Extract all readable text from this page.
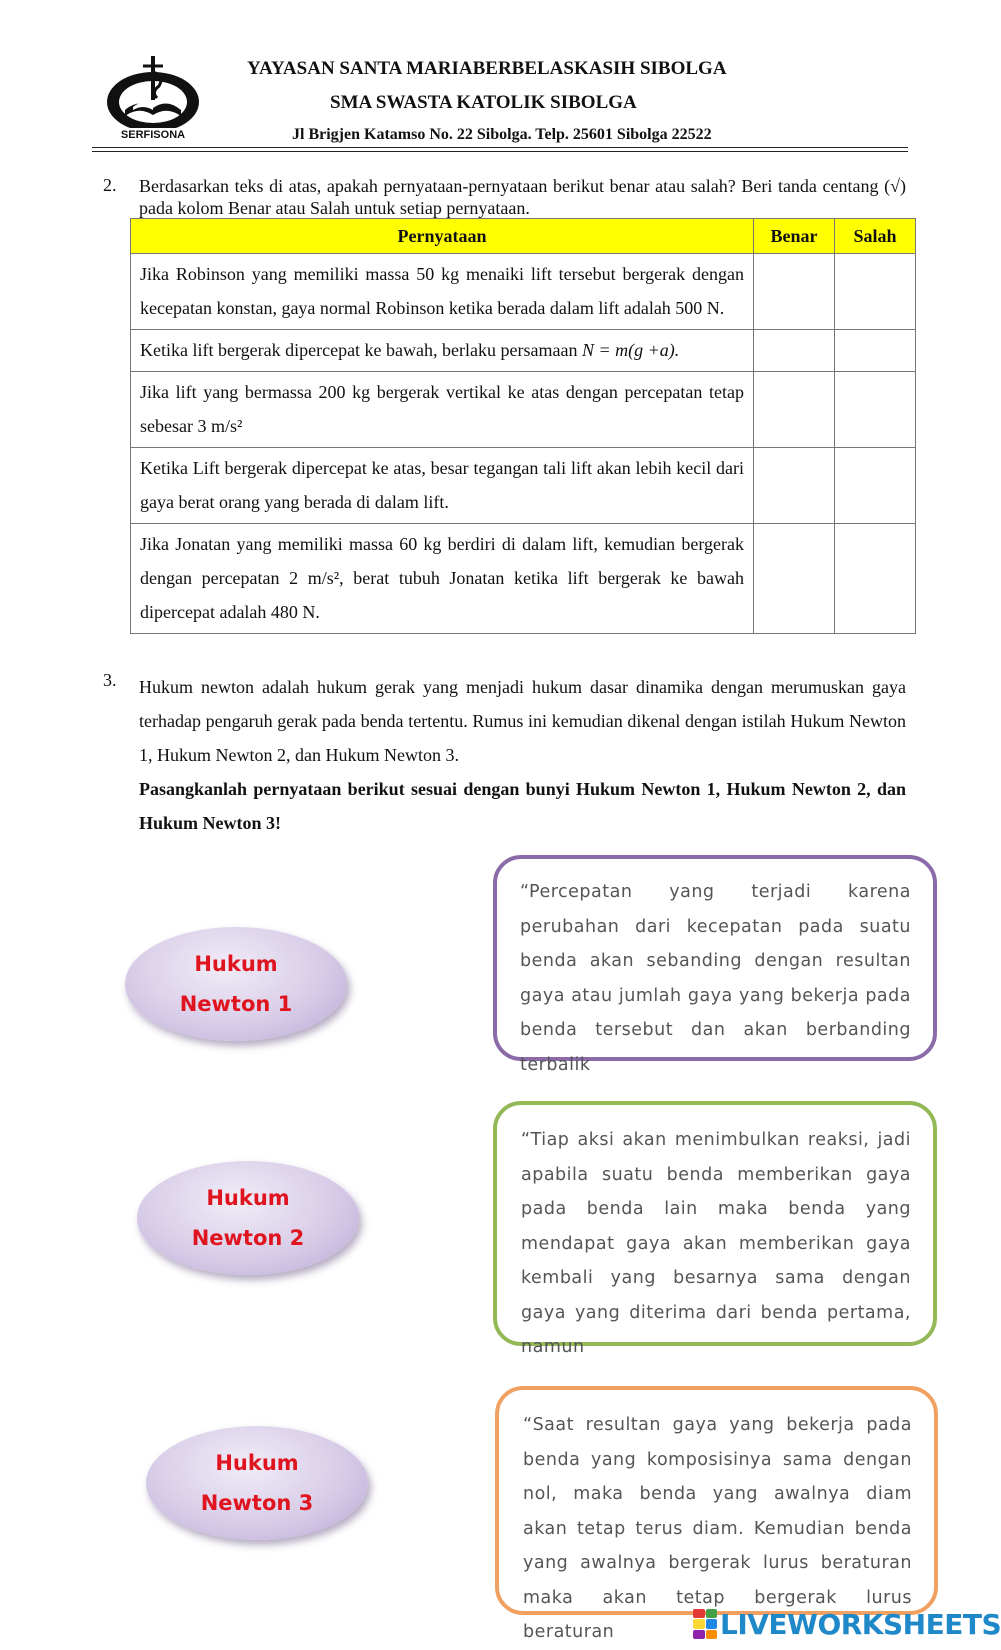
SERFISONA
YAYASAN SANTA MARIABERBELASKASIH SIBOLGA
SMA SWASTA KATOLIK SIBOLGA
Jl Brigjen Katamso No. 22 Sibolga. Telp. 25601 Sibolga 22522
2. Berdasarkan teks di atas, apakah pernyataan-pernyataan berikut benar atau salah? Beri tanda centang (√) pada kolom Benar atau Salah untuk setiap pernyataan.
Pernyataan	Benar	Salah
Jika Robinson yang memiliki massa 50 kg menaiki lift tersebut bergerak dengan kecepatan konstan, gaya normal Robinson ketika berada dalam lift adalah 500 N.		
Ketika lift bergerak dipercepat ke bawah, berlaku persamaan N = m(g +a).		
Jika lift yang bermassa 200 kg bergerak vertikal ke atas dengan percepatan tetap sebesar 3 m/s²		
Ketika Lift bergerak dipercepat ke atas, besar tegangan tali lift akan lebih kecil dari gaya berat orang yang berada di dalam lift.		
Jika Jonatan yang memiliki massa 60 kg berdiri di dalam lift, kemudian bergerak dengan percepatan 2 m/s², berat tubuh Jonatan ketika lift bergerak ke bawah dipercepat adalah 480 N.		
3. Hukum newton adalah hukum gerak yang menjadi hukum dasar dinamika dengan merumuskan gaya terhadap pengaruh gerak pada benda tertentu. Rumus ini kemudian dikenal dengan istilah Hukum Newton 1, Hukum Newton 2, dan Hukum Newton 3.
Pasangkanlah pernyataan berikut sesuai dengan bunyi Hukum Newton 1, Hukum Newton 2, dan Hukum Newton 3!
Hukum
Newton 1
Hukum
Newton 2
Hukum
Newton 3
“Percepatan yang terjadi karena perubahan dari kecepatan pada suatu benda akan sebanding dengan resultan gaya atau jumlah gaya yang bekerja pada benda tersebut dan akan berbanding terbalik
“Tiap aksi akan menimbulkan reaksi, jadi apabila suatu benda memberikan gaya pada benda lain maka benda yang mendapat gaya akan memberikan gaya kembali yang besarnya sama dengan gaya yang diterima dari benda pertama, namun
“Saat resultan gaya yang bekerja pada benda yang komposisinya sama dengan nol, maka benda yang awalnya diam akan tetap terus diam. Kemudian benda yang awalnya bergerak lurus beraturan maka akan tetap bergerak lurus beraturan	LIVEWORKSHEETS
